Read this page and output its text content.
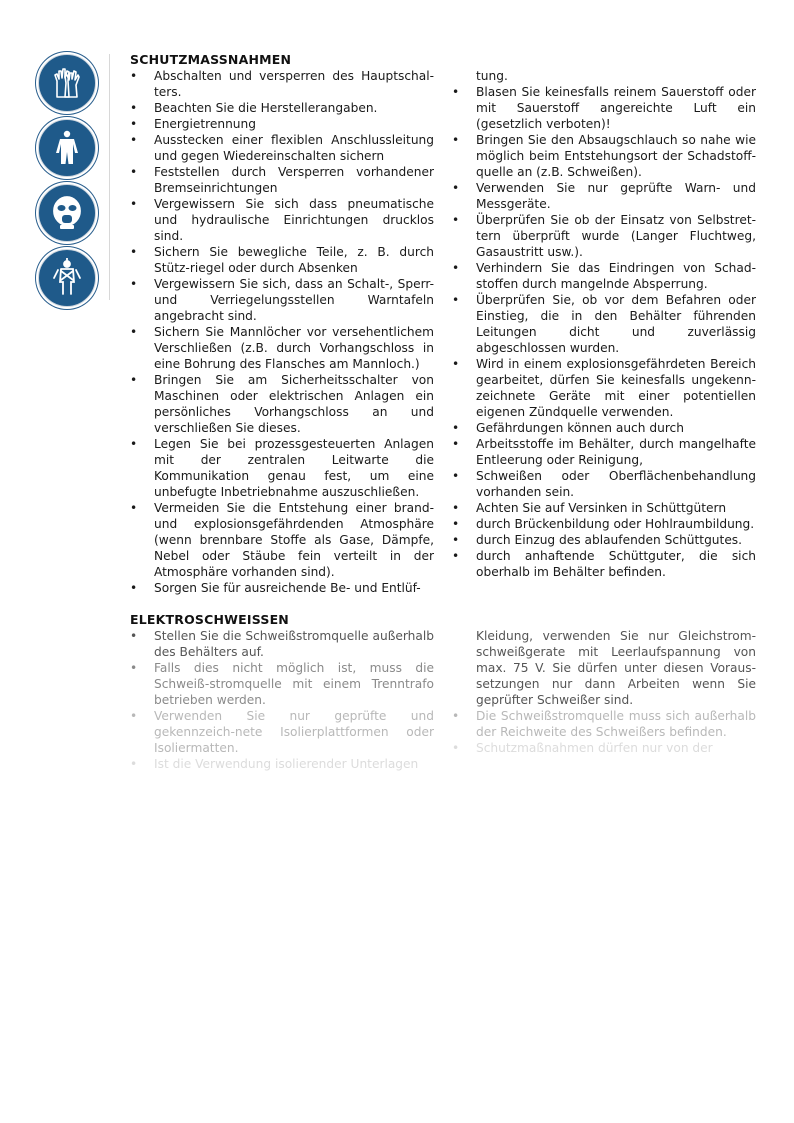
SCHUTZMASSNAHMEN
• Abschalten und versperren des Hauptschal-ters.
• Beachten Sie die Herstellerangaben.
• Energietrennung
• Ausstecken einer flexiblen Anschlussleitung und gegen Wiedereinschalten sichern
• Feststellen durch Versperren vorhandener Bremseinrichtungen
• Vergewissern Sie sich dass pneumatische und hydraulische Einrichtungen drucklos sind.
• Sichern Sie bewegliche Teile, z. B. durch Stütz-riegel oder durch Absenken
• Vergewissern Sie sich, dass an Schalt-, Sperr- und Verriegelungsstellen Warntafeln angebracht sind.
• Sichern Sie Mannlöcher vor versehentlichem Verschließen (z.B. durch Vorhangschloss in eine Bohrung des Flansches am Mannloch.)
• Bringen Sie am Sicherheitsschalter von Maschinen oder elektrischen Anlagen ein persönliches Vorhangschloss an und verschließen Sie dieses.
• Legen Sie bei prozessgesteuerten Anlagen mit der zentralen Leitwarte die Kommunikation genau fest, um eine unbefugte Inbetriebnahme auszuschließen.
• Vermeiden Sie die Entstehung einer brand- und explosionsgefährdenden Atmosphäre (wenn brennbare Stoffe als Gase, Dämpfe, Nebel oder Stäube fein verteilt in der Atmosphäre vorhanden sind).
• Sorgen Sie für ausreichende Be- und Entlüf-
tung.
• Blasen Sie keinesfalls reinem Sauerstoff oder mit Sauerstoff angereichte Luft ein (gesetzlich verboten)!
• Bringen Sie den Absaugschlauch so nahe wie möglich beim Entstehungsort der Schadstoff-quelle an (z.B. Schweißen).
• Verwenden Sie nur geprüfte Warn- und Messgeräte.
• Überprüfen Sie ob der Einsatz von Selbstret-tern überprüft wurde (Langer Fluchtweg, Gasaustritt usw.).
• Verhindern Sie das Eindringen von Schad-stoffen durch mangelnde Absperrung.
• Überprüfen Sie, ob vor dem Befahren oder Einstieg, die in den Behälter führenden Leitungen dicht und zuverlässig abgeschlossen wurden.
• Wird in einem explosionsgefährdeten Bereich gearbeitet, dürfen Sie keinesfalls ungekenn-zeichnete Geräte mit einer potentiellen eigenen Zündquelle verwenden.
• Gefährdungen können auch durch
• Arbeitsstoffe im Behälter, durch mangelhafte Entleerung oder Reinigung,
• Schweißen oder Oberflächenbehandlung vorhanden sein.
• Achten Sie auf Versinken in Schüttgütern
• durch Brückenbildung oder Hohlraumbildung.
• durch Einzug des ablaufenden Schüttgutes.
• durch anhaftende Schüttguter, die sich oberhalb im Behälter befinden.
ELEKTROSCHWEISSEN
• Stellen Sie die Schweißstromquelle außerhalb des Behälters auf.
• Falls dies nicht möglich ist, muss die Schweiß-stromquelle mit einem Trenntrafo betrieben werden.
• Verwenden Sie nur geprüfte und gekennzeich-nete Isolierplattformen oder Isoliermatten.
• Ist die Verwendung isolierender Unterlagen
Kleidung, verwenden Sie nur Gleichstrom-schweißgerate mit Leerlaufspannung von max. 75 V. Sie dürfen unter diesen Voraus-setzungen nur dann Arbeiten wenn Sie geprüfter Schweißer sind.
• Die Schweißstromquelle muss sich außerhalb der Reichweite des Schweißers befinden.
• Schutzmaßnahmen dürfen nur von der
